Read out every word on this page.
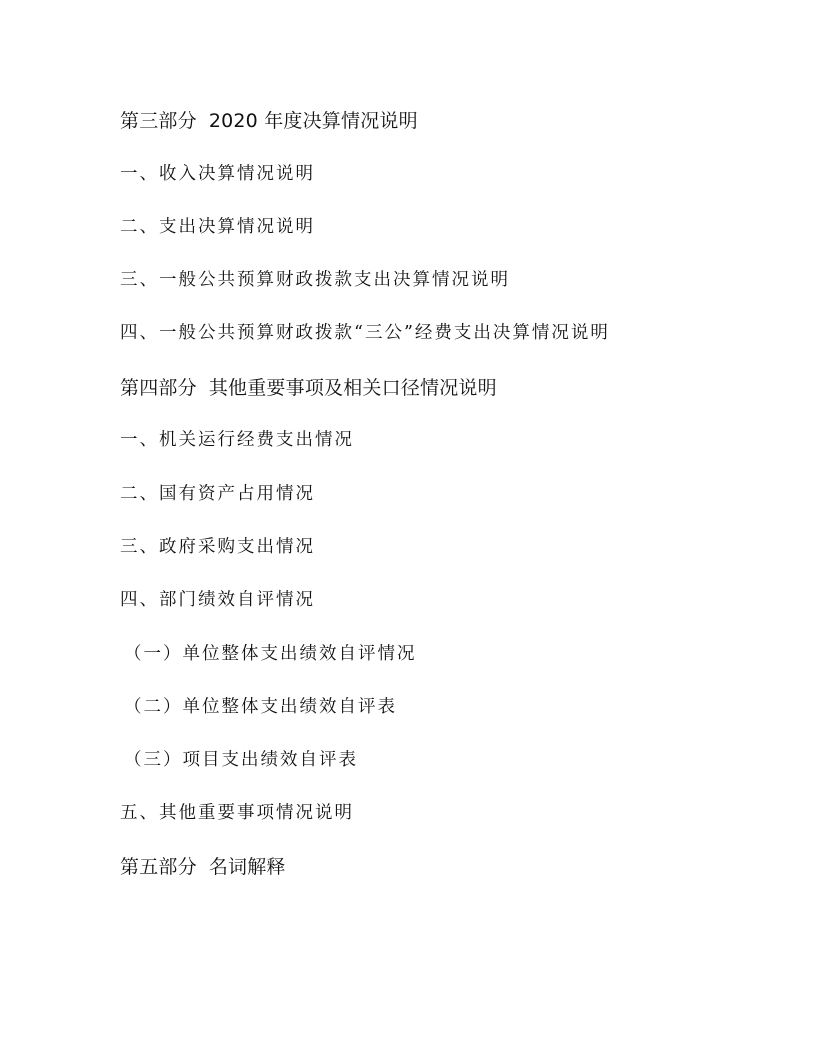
第三部分 2020 年度决算情况说明
一、收入决算情况说明
二、支出决算情况说明
三、一般公共预算财政拨款支出决算情况说明
四、一般公共预算财政拨款“三公”经费支出决算情况说明
第四部分 其他重要事项及相关口径情况说明
一、机关运行经费支出情况
二、国有资产占用情况
三、政府采购支出情况
四、部门绩效自评情况
（一）单位整体支出绩效自评情况
（二）单位整体支出绩效自评表
（三）项目支出绩效自评表
五、其他重要事项情况说明
第五部分 名词解释
